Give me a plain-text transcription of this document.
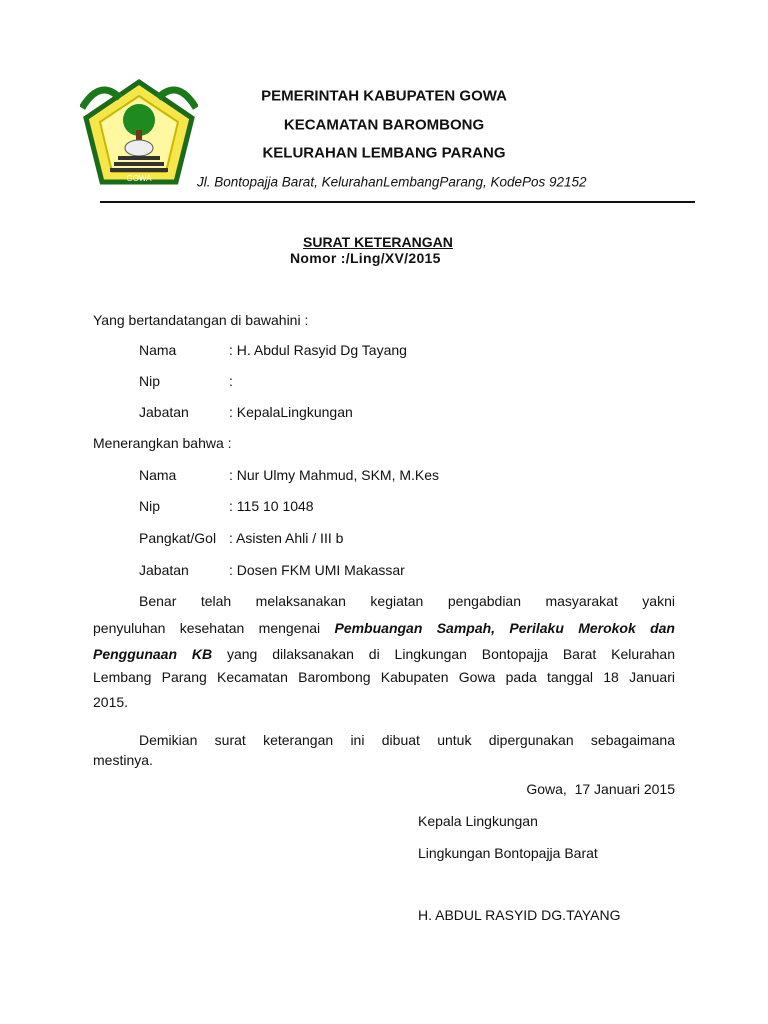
GOWA
PEMERINTAH KABUPATEN GOWA
KECAMATAN BAROMBONG
KELURAHAN LEMBANG PARANG
Jl. Bontopajja Barat, KelurahanLembangParang, KodePos 92152
SURAT KETERANGAN
Nomor :/Ling/XV/2015
Yang bertandatangan di bawahini :
Nama	: H. Abdul Rasyid Dg Tayang
Nip	:
Jabatan	: KepalaLingkungan
Menerangkan bahwa :
Nama	: Nur Ulmy Mahmud, SKM, M.Kes
Nip	: 115 10 1048
Pangkat/Gol : Asisten Ahli / III b
Jabatan	: Dosen FKM UMI Makassar
Benar telah melaksanakan kegiatan pengabdian masyarakat yakni
penyuluhan kesehatan mengenai Pembuangan Sampah, Perilaku Merokok dan
Penggunaan KB yang dilaksanakan di Lingkungan Bontopajja Barat Kelurahan
Lembang Parang Kecamatan Barombong Kabupaten Gowa pada tanggal 18 Januari
2015.
Demikian surat keterangan ini dibuat untuk dipergunakan sebagaimana
mestinya.
Gowa,  17 Januari 2015
Kepala Lingkungan
Lingkungan Bontopajja Barat
H. ABDUL RASYID DG.TAYANG
